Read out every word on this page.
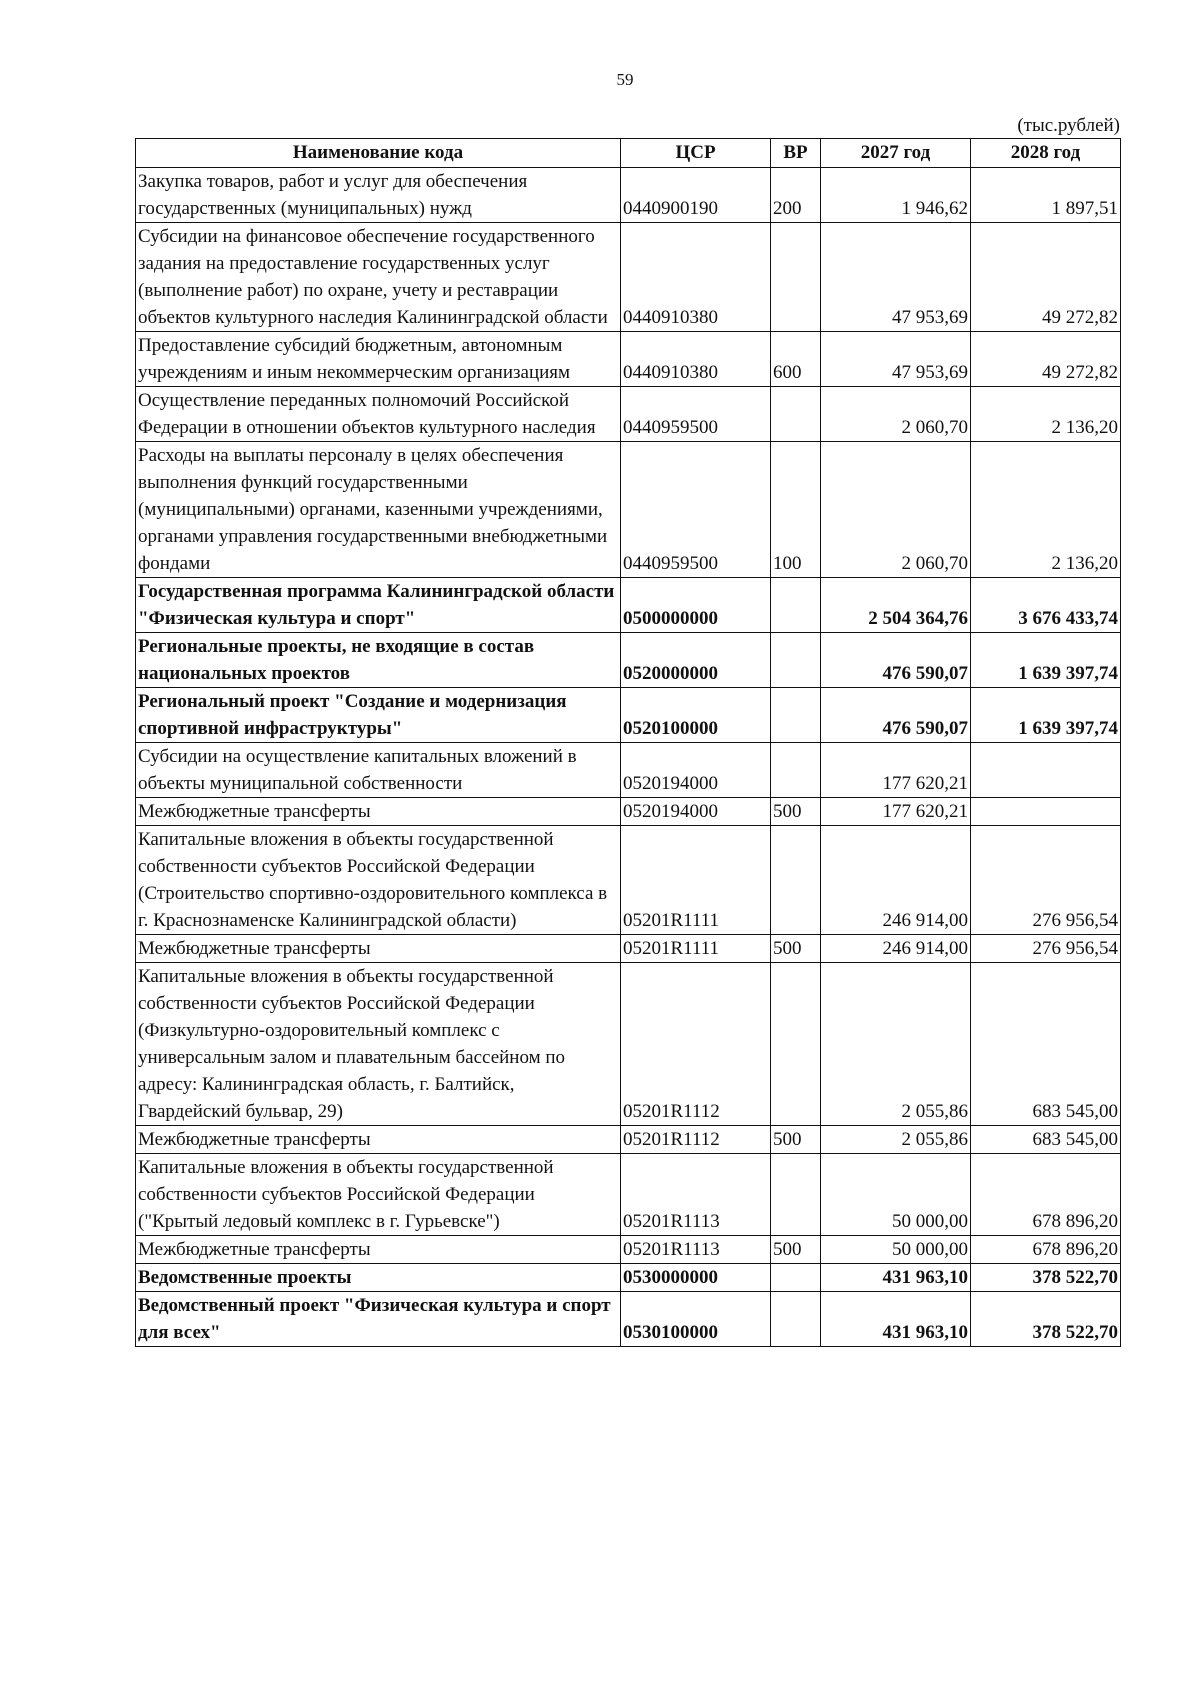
59
(тыс.рублей)
Наименование кода	ЦСР	ВР	2027 год	2028 год
Закупка товаров, работ и услуг для обеспечения государственных (муниципальных) нужд	0440900190	200	1 946,62	1 897,51
Субсидии на финансовое обеспечение государственного задания на предоставление государственных услуг (выполнение работ) по охране, учету и реставрации объектов культурного наследия Калининградской области	0440910380		47 953,69	49 272,82
Предоставление субсидий бюджетным, автономным учреждениям и иным некоммерческим организациям	0440910380	600	47 953,69	49 272,82
Осуществление переданных полномочий Российской Федерации в отношении объектов культурного наследия	0440959500		2 060,70	2 136,20
Расходы на выплаты персоналу в целях обеспечения выполнения функций государственными (муниципальными) органами, казенными учреждениями, органами управления государственными внебюджетными фондами	0440959500	100	2 060,70	2 136,20
Государственная программа Калининградской области "Физическая культура и спорт"	0500000000		2 504 364,76	3 676 433,74
Региональные проекты, не входящие в состав национальных проектов	0520000000		476 590,07	1 639 397,74
Региональный проект "Создание и модернизация спортивной инфраструктуры"	0520100000		476 590,07	1 639 397,74
Субсидии на осуществление капитальных вложений в объекты муниципальной собственности	0520194000		177 620,21	
Межбюджетные трансферты	0520194000	500	177 620,21	
Капитальные вложения в объекты государственной собственности субъектов Российской Федерации (Строительство спортивно-оздоровительного комплекса в г. Краснознаменске Калининградской области)	05201R1111		246 914,00	276 956,54
Межбюджетные трансферты	05201R1111	500	246 914,00	276 956,54
Капитальные вложения в объекты государственной собственности субъектов Российской Федерации (Физкультурно-оздоровительный комплекс с универсальным залом и плавательным бассейном по адресу: Калининградская область, г. Балтийск, Гвардейский бульвар, 29)	05201R1112		2 055,86	683 545,00
Межбюджетные трансферты	05201R1112	500	2 055,86	683 545,00
Капитальные вложения в объекты государственной собственности субъектов Российской Федерации ("Крытый ледовый комплекс в г. Гурьевске")	05201R1113		50 000,00	678 896,20
Межбюджетные трансферты	05201R1113	500	50 000,00	678 896,20
Ведомственные проекты	0530000000		431 963,10	378 522,70
Ведомственный проект "Физическая культура и спорт для всех"	0530100000		431 963,10	378 522,70
